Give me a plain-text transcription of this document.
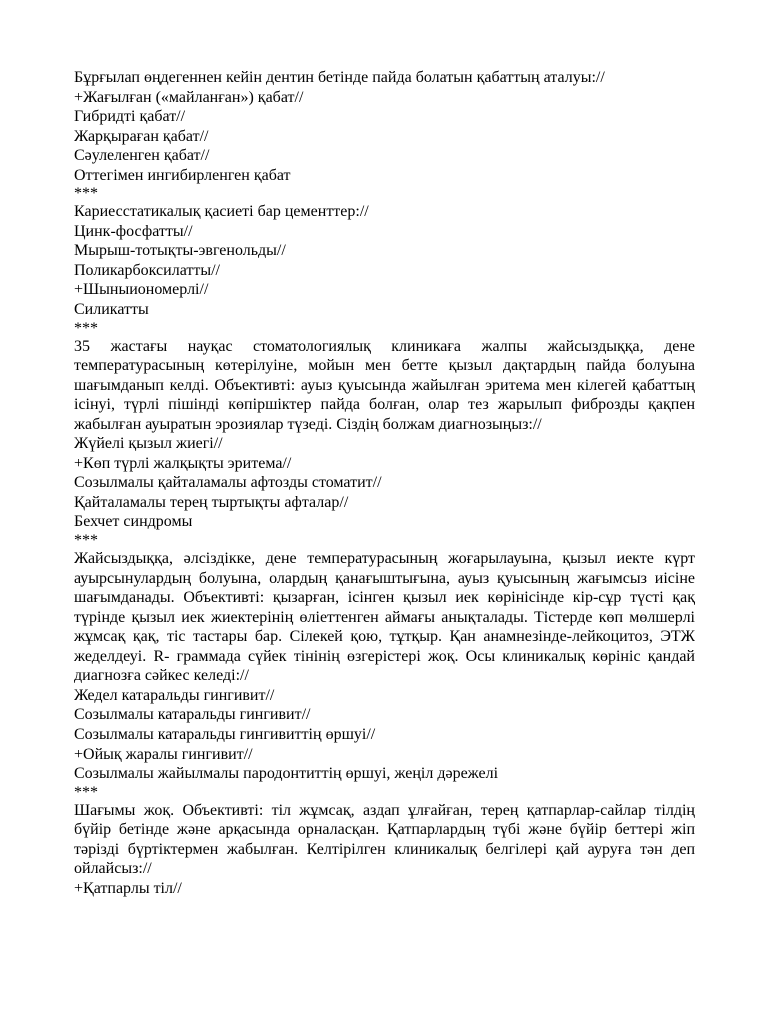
Бұрғылап өңдегеннен кейін дентин бетінде пайда болатын қабаттың аталуы://

+Жағылған («майланған») қабат//

Гибридті қабат//

Жарқыраған қабат//

Сәулеленген қабат//

Оттегімен ингибирленген қабат

***

Кариесстатикалық қасиеті бар цементтер://

Цинк-фосфатты//

Мырыш-тотықты-эвгенольды//

Поликарбоксилатты//

+Шыныиономерлі//

Силикатты

***

35 жастағы науқас стоматологиялық клиникаға жалпы жайсыздыққа, дене температурасының көтерілуіне, мойын мен бетте қызыл дақтардың пайда болуына шағымданып келді. Объективті: ауыз қуысында жайылған эритема мен кілегей қабаттың ісінуі, түрлі пішінді көпіршіктер пайда болған, олар тез жарылып фиброзды қақпен жабылған ауыратын эрозиялар түзеді. Сіздің болжам диагнозыңыз://

Жүйелі қызыл жиегі//

+Көп түрлі жалқықты эритема//

Созылмалы қайталамалы афтозды стоматит//

Қайталамалы терең тыртықты афталар//

Бехчет синдромы

***

Жайсыздыққа, әлсіздікке, дене температурасының жоғарылауына, қызыл иекте күрт ауырсынулардың болуына, олардың қанағыштығына, ауыз қуысының жағымсыз иісіне шағымданады. Объективті: қызарған, ісінген қызыл иек көрінісінде кір-сұр түсті қақ түрінде қызыл иек жиектерінің өліеттенген аймағы анықталады. Тістерде көп мөлшерлі жұмсақ қақ, тіс тастары бар. Сілекей қою, тұтқыр. Қан анамнезінде-лейкоцитоз, ЭТЖ жеделдеуі. R- граммада сүйек тінінің өзгерістері жоқ. Осы клиникалық көрініс қандай диагнозға сәйкес келеді://

Жедел катаральды гингивит//

Созылмалы катаральды гингивит//

Созылмалы катаральды гингивиттің өршуі//

+Ойық жаралы гингивит//

Созылмалы жайылмалы пародонтиттің өршуі, жеңіл дәрежелі

***

Шағымы жоқ. Объективті: тіл жұмсақ, аздап ұлғайған, терең қатпарлар-сайлар тілдің бүйір бетінде және арқасында орналасқан. Қатпарлардың түбі және бүйір беттері жіп тәрізді бүртіктермен жабылған. Келтірілген клиникалық белгілері қай ауруға тән деп ойлайсыз://

+Қатпарлы тіл//
